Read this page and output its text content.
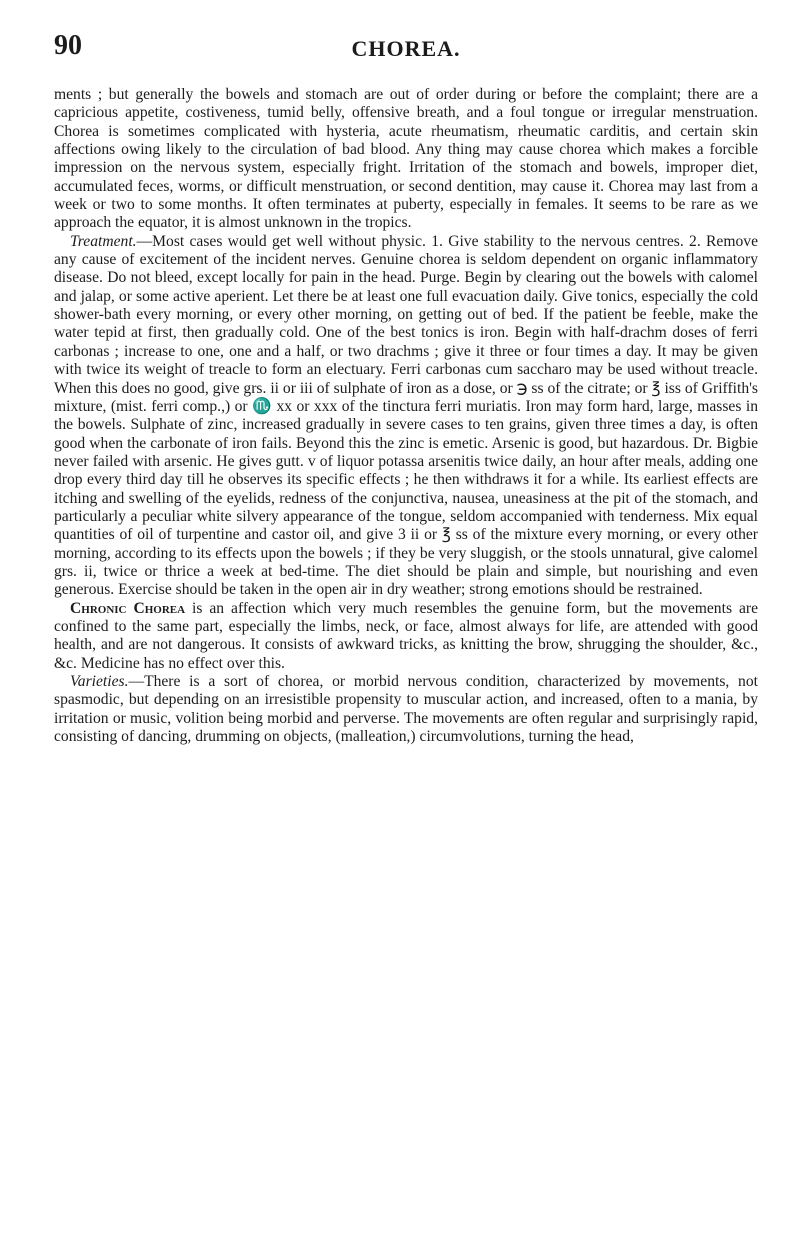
90	CHOREA.

ments ; but generally the bowels and stomach are out of order during or before the complaint; there are a capricious appetite, costiveness, tumid belly, offensive breath, and a foul tongue or irregular menstruation. Chorea is sometimes complicated with hysteria, acute rheumatism, rheumatic carditis, and certain skin affections owing likely to the circulation of bad blood. Any thing may cause chorea which makes a forcible impression on the nervous system, especially fright. Irritation of the stomach and bowels, improper diet, accumulated feces, worms, or difficult menstruation, or second dentition, may cause it. Chorea may last from a week or two to some months. It often terminates at puberty, especially in females. It seems to be rare as we approach the equator, it is almost unknown in the tropics.

Treatment.—Most cases would get well without physic. 1. Give stability to the nervous centres. 2. Remove any cause of excitement of the incident nerves. Genuine chorea is seldom dependent on organic inflammatory disease. Do not bleed, except locally for pain in the head. Purge. Begin by clearing out the bowels with calomel and jalap, or some active aperient. Let there be at least one full evacuation daily. Give tonics, especially the cold shower-bath every morning, or every other morning, on getting out of bed. If the patient be feeble, make the water tepid at first, then gradually cold. One of the best tonics is iron. Begin with half-drachm doses of ferri carbonas ; increase to one, one and a half, or two drachms ; give it three or four times a day. It may be given with twice its weight of treacle to form an electuary. Ferri carbonas cum saccharo may be used without treacle. When this does no good, give grs. ii or iii of sulphate of iron as a dose, or ℈ ss of the citrate; or ℥ iss of Griffith's mixture, (mist. ferri comp.,) or ♏ xx or xxx of the tinctura ferri muriatis. Iron may form hard, large, masses in the bowels. Sulphate of zinc, increased gradually in severe cases to ten grains, given three times a day, is often good when the carbonate of iron fails. Beyond this the zinc is emetic. Arsenic is good, but hazardous. Dr. Bigbie never failed with arsenic. He gives gutt. v of liquor potassa arsenitis twice daily, an hour after meals, adding one drop every third day till he observes its specific effects ; he then withdraws it for a while. Its earliest effects are itching and swelling of the eyelids, redness of the conjunctiva, nausea, uneasiness at the pit of the stomach, and particularly a peculiar white silvery appearance of the tongue, seldom accompanied with tenderness. Mix equal quantities of oil of turpentine and castor oil, and give 3 ii or ℥ ss of the mixture every morning, or every other morning, according to its effects upon the bowels ; if they be very sluggish, or the stools unnatural, give calomel grs. ii, twice or thrice a week at bed-time. The diet should be plain and simple, but nourishing and even generous. Exercise should be taken in the open air in dry weather; strong emotions should be restrained.

Chronic Chorea is an affection which very much resembles the genuine form, but the movements are confined to the same part, especially the limbs, neck, or face, almost always for life, are attended with good health, and are not dangerous. It consists of awkward tricks, as knitting the brow, shrugging the shoulder, &c., &c. Medicine has no effect over this.

Varieties.—There is a sort of chorea, or morbid nervous condition, characterized by movements, not spasmodic, but depending on an irresistible propensity to muscular action, and increased, often to a mania, by irritation or music, volition being morbid and perverse. The movements are often regular and surprisingly rapid, consisting of dancing, drumming on objects, (malleation,) circumvolutions, turning the head,
